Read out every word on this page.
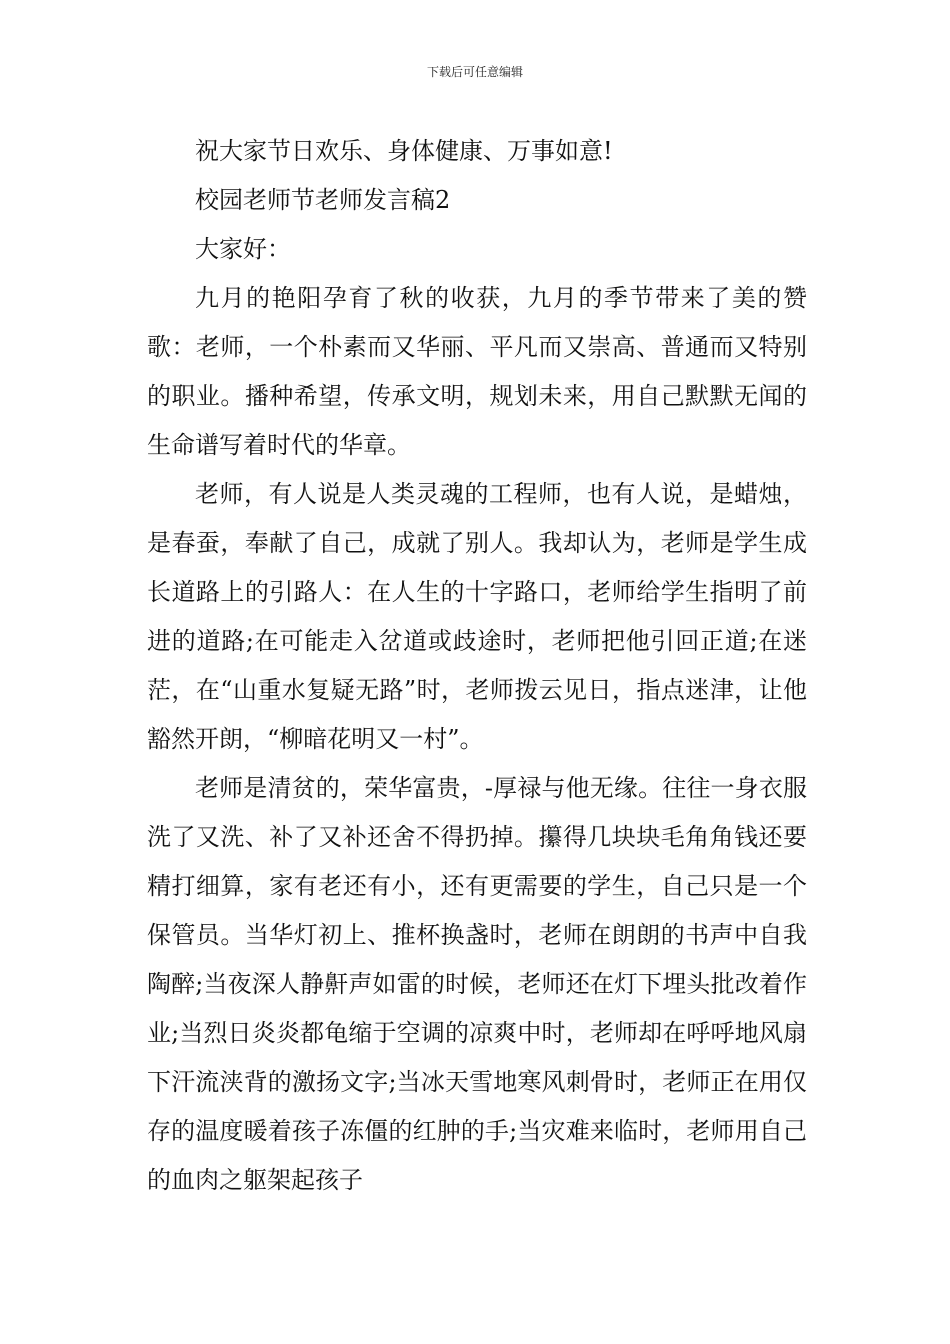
下载后可任意编辑

祝大家节日欢乐、身体健康、万事如意!

校园老师节老师发言稿2

大家好：

九月的艳阳孕育了秋的收获，九月的季节带来了美的赞歌：老师，一个朴素而又华丽、平凡而又崇高、普通而又特别的职业。播种希望，传承文明，规划未来，用自己默默无闻的生命谱写着时代的华章。

老师，有人说是人类灵魂的工程师，也有人说，是蜡烛，是春蚕，奉献了自己，成就了别人。我却认为，老师是学生成长道路上的引路人：在人生的十字路口，老师给学生指明了前进的道路;在可能走入岔道或歧途时，老师把他引回正道;在迷茫，在“山重水复疑无路”时，老师拨云见日，指点迷津，让他豁然开朗，“柳暗花明又一村”。

老师是清贫的，荣华富贵，-厚禄与他无缘。往往一身衣服洗了又洗、补了又补还舍不得扔掉。攥得几块块毛角角钱还要精打细算，家有老还有小，还有更需要的学生，自己只是一个保管员。当华灯初上、推杯换盏时，老师在朗朗的书声中自我陶醉;当夜深人静鼾声如雷的时候，老师还在灯下埋头批改着作业;当烈日炎炎都龟缩于空调的凉爽中时，老师却在呼呼地风扇下汗流浃背的激扬文字;当冰天雪地寒风刺骨时，老师正在用仅存的温度暖着孩子冻僵的红肿的手;当灾难来临时，老师用自己的血肉之躯架起孩子
